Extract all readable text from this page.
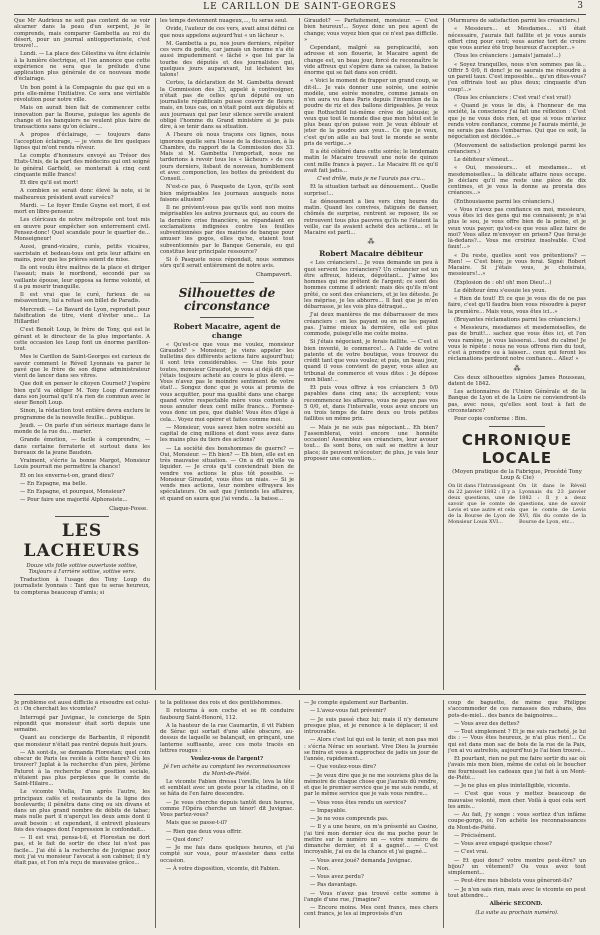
LE CARILLON DE SAINT-GEORGES	3

Que Mr Audrieux ne soit pas content de se voir alcarner dans la peau d'un serpent, je le comprends, mais comparer Gambetta au roi du désert, pour un journal antiopportuniste, c'est trouvé!...

Lundi. — La place des Célestins va être éclairée à la lumière électrique, et l'on annonce que cette expérience ne sera que le prélude d'une application plus générale de ce nouveau mode d'éclairage.

Un bon point à la Compagnie du gaz qui en a pris elle-même l'initiative. Ce sera une véritable révolution pour notre ville.

Mais on aurait bien fait de commencer cette innovation par la Bourse, puisque les agents de change et les banquiers ne veulent plus faire de transactions sans qu'on éclaire...

A propos d'éclairage, — toujours dans l'acception éclairage, — je viens de lire quelques lignes qui m'ont rendu rêveur.

Le compte d'honneurs envoyé au Trésor des Etats-Unis, de la part des médecins qui ont soigné le général Garfield, se monterait à cinq cent cinquante mille francs!

Et dire qu'il est mort!

A combien se serait donc élevé la note, si le malheureux président avait survécu?

Mardi. — Le foyer Emile Guyne est mort, il est mort en libre-penseur.

Les cléricaux de notre métropole ont tout mis en œuvre pour empêcher son enterrement civil. Pensez-donc! Quel scandale pour le quartier de... Monseigneur!

Aussi, grand-vicaire, curés, petits vicaires, sacristain et bedeau-tous ont pris leur affaire en mains, pour que les prières soient de mise.

Ils ont voulu être maîtres de la place et diriger l'assaut; mais le moribond, secondé par sa vaillante épouse, leur opposa sa ferme volonté, et il a pu mourir tranquille.

Il est vrai que le curé, furieux de sa mésaventure, lui a refusé son billet de Paradis.

Mercredi. — Le Bavard de Lyon, reproduit pour falsification de titre, vient d'éviter une... La Hillardie!

C'est Benoît Loup, le frère de Tony, qui est le gérant et le directeur de la plus importante. A cette occasion les Loup font un énorme pavillon-tout.

Mes le Carillon de Saint-Georges est curieux de savoir comment le Réveil Lyonnais va parer le pavé que le frère de son digne administrateur vient de lancer dans ses vitres.

Que doit en penser le citoyen Cournet? J'espère bien qu'il va obliger M. Tony Loup d'ammener dans son journal qu'il n'a rien de commun avec le sieur Benoît Loup.

Sinon, la rédaction tout entière devra exclure le programme de la nouvelle feuille... publique.

Jeudi. — On parle d'un sérieux mariage dans le monde de la rue du... marier.

Grande émotion, — facile à comprendre, — dans certaine ferraterie et surtout dans les bureaux de la jeune Baudoin.

Vraiment, s'écrie la bonne Margot, Monsieur Louis pourrait me permettre la chance!

Et on les enverra-t-on, grand dieu?

— En Espagne, ma belle.

— En Espagne, et pourquoi, Monsieur?

— Pour faire une majorité Alphonsiste...

Claque-Fosse.
LES LACHEURS

Douze vils folle sottise ouvertasie sottise, Toujours à l'arrière sottise, sottise vers.

Traduction à l'usage des Tony Loup du journaliste lyonnais : Tant que tu seras heureux, tu compteras beaucoup d'amis; si

les temps deviennent nuageux,..., tu seras seul.

Ovide, l'auteur de ces vers, avait ainsi défini ce que nous appelons aujourd'hui « un lâcheur ».

M. Gambetta a pu, nos jours derniers, répéter ces vers du poëte, car jamais un homme n'a été aussi impudemment « lâché » que lui par la tourbe des députés et des journalistes qui, quelques jours auparavant, lui léchaient les talons!

Certes, la déclaration de M. Gambetta devant la Commission des 33, appelé à contresigner, n'était pas de celles qu'un député ou un journaliste républicain puisse couvrir de fleurs; mais, en tous cas, on n'était point aux députés et aux journaux qui par leur silence servile avaient obligé l'homme du Grand ministère si je puis dire, à se tenir dans sa situation.

A l'heure où nous traçons ces lignes, nous ignorons quelle sera l'issue de la discussion, à la Chambre, du rapport de la Commission des 33. Mais si M. Gambetta l'emportait, nous ne tarderions à revoir tous les « lâcheurs » de ces jours derniers, lisbaut de nouveau, humblement et avec componction, les bottes du président du Conseil...

N'est-ce pas, ô Pasquete de Lyon, qu'ils sont bien méprisables les journaux auxquels nous faisons allusion?

Il ne prévient-vous pas qu'ils sont non moins méprisables les autres journaux qui, au cours de la dernière crise financière, se répandaient en exclamations indignées contre les feuilles subventionnées par des mairies de banque pour amuser les gogos, elles qu'ne, etaient tout subventionnés par le Banque Generale, eu qui constitue leur principale ressource?

Si ô Pasquete nous répondait, nous sommes sûrs qu'il serait entièrement de notre avis.

Champavert.
Silhouettes de circonstance
Robert Macaire, agent de change

« Qu'est-ce que vous me voulez, monsieur Giraudot? » Monsieur, je viens appeler les bulletins des différents actions faire aujourd'hui; il sont très considérables. — Une fois pour toutes, monsieur Giraudot, je vous ai déjà dit que j'étais toujours acheté au cours le plus élevé. — Vous n'avez pas le moindre sentiment de votre état!... Songez donc que je vous ai promis de vous acquitter, pour ma qualité dans une charge quand votre respectable mère vous contente à nous annuler deux cent mille francs... Formez-vous donc un peu, que diable! Vous êtes d'âge à cela... Voyez moi opérer et faites comme moi.

— Monsieur, vous savez bien notre société au capital de cinq millions et dont vous avez dans les mains plus du tiers des actions?

— La société des bonshommes de guerre? — Oui, Monsieur. — Eh bien? — Eh bien, elle est en très mauvaise situation. — On a dit qu'elle va liquider. — Je crois qu'il conviendrait bien de vendre vos actions le plus tôt possible. — Monsieur Giraudot, vous êtes un niais. — Si je vends mes actions, leur nombre effrayera les spéculateurs. On sait que j'entends les affaires, et quand on saura que j'ai vendu... la baisse...

Giraudot? — Parfaitement, monsieur. — C'est bien heureux!... Soyez donc un peu agent de change; vous voyez bien que ce n'est pas difficile. »

Cependant, malgré sa perspicacité, son adresse et son flouerie, le Macaire agent de change est, un beau jour, forcé de reconnaître le vide affreux qui s'opère dans sa caisse, la baisse énorme qui se fait dans son crédit.

« Voici le moment de frapper un grand coup, se dit-il... Je vais donner une soirée, une soirée modèle, une soirée monstre, comme jamais on n'en aura vu dans Paris depuis l'invention de la poudre de riz et des ballons dirigeables. Je veux que Rothschild lui-même crève de jalousie; je veux que tout le monde dise que mon hôtel est le plus beau qu'on puisse voir. Je veux éblouir et jeter de la poudre aux yeux... Ce que je veux, c'est qu'on aille au bal tout le monde se sente pris de vertige...»

Il a été célébré dans cette soirée; le lendemain matin le Macaire trouvait une note de quinze cent mille francs à payer... Le Macaire fit ce qu'il avait fait jadis...

C'est drôle, mais je ne l'aurais pas cru...

Et la situation tarbait au dénouement... Quelle surprise!...

Le dénouement a lieu vers cinq heures du matin. Quand les convives, fatigués de danser, chômés de surprise, rentrent se reposer, ils se retrouvent tous plus pauvres qu'ils ne l'étaient la veille, car ils avaient acheté des actions... et le Macaire est parti...

⁂
Robert Macaire débiteur

« Les créanciers!... Je vous demande un peu à quoi servent les créanciers? Un créancier est un être affreux, hideux, dégoûtant... J'aime les hommes qui me prêtent de l'argent; ce sont des hommes comme il advient: mais dès qu'ils m'ont prêté, ce sont des créanciers, et je les déteste. Je les méprise, je les abhorre... Il faut que je m'en débarrasse, je les vois plus détraqué...

J'ai deux manières de me débarrasser de mes créanciers : en les payant ou en ne les payant pas. J'aime mieux la dernière, elle est plus commode, puisqu'elle me coûte moins.

Si j'étais négociant, je ferais faillite. — C'est si bien inventé, le commerce!... A l'aide de votre patente et de votre boutique, vous trouvez du crédit tant que vous voulez; et puis, un beau jour, quand il vous convient de payer, vous allez au tribunal de commerce et vous dites : Je dépose mon bilan!...

Et puis vous offrez à vos créanciers 5 0/0 payables dans cinq ans; ils acceptent; vous recommencez les affaires, vous ne payez pas vos 5 0/0, et, dans l'intervalle, vous avez encore un ou trois temps de faire deux ou trois petites faillites un même prix.

— Mais je ne suis pas négociant... Eh bien? J'assemblerai, voici encore une honnête occasion! Assemblez ses créanciers, leur avouer tout... ils sont bons, on sait se mettre à leur place; ils peuvent m'écouter; de plus, je vais leur proposer une convention...

(Murmures de satisfaction parmi les créanciers.)

« Messieurs... et Mesdames... s'il était nécessaire, j'aurais fait faillite et je vous aurais offert cinq pour cent; vous auriez tort de croire que vous auriez été trop heureux d'accepter...»

(Tous les créanciers : jamais! jamais!...)

« Soyez tranquilles, nous n'en sommes pas là... Offrir 5 0/0, fi donc! je ne saurais me résoudre à un pareil taux. C'est impossible... qu'en dites-vous? j'en offrirais tout au plus deux; cinquante d'un coup!...»

(Tous les créanciers : C'est vrai! c'est vrai!)

« Quand je vous le dis, à l'honneur de ma société, la conscience j'ai fait une réflexion : C'est que je ne vous dois rien, et que si vous m'aviez rendu votre confiance, comme je l'aurais mérité, je ne serais pas dans l'embarras. Qui que ce soit, la négociation est décidée...»

(Mouvement de satisfaction prolongé parmi les créanciers.)

Le débiteur s'émeut...

« Oui, messieurs... et mesdames... et mesdemoiselles... la délicate affaire nous occupe. Je déclare qu'il me reste une pièce de dix centimes, et je vous la donne au prorata des créances...»

(Enthousiasme parmi les créanciers.)

« Vous n'avez pas confiance en moi, messieurs, vous êtes ici des gens qui me connaissent; je n'ai plus le sou, je vous offre bien de la peine, et je veux vous payer; qu'est-ce que vous allez faire de moi? Vous allez m'envoyer en prison? Que ferai-je là-dedans?... Vous me croiriez insolvable. C'est faux!...»

« Du reste, quelles sont vos prétentions? — Rien! — C'est bien; je vous ferai. Signé: Robert Macaire. Si j'étais vous, je choisirais, messieurs!...»

(Explosion de : oh! oh! mon Dieu!...)

Le débiteur ému s'essuie les yeux.

« Rien de tout! Et ce que je vous dis de ne pas faire, c'est qu'il faudra bien vous résoudre à payer la première... Mais vous, vous êtes ici...»

(Bruyantes réclamations parmi les créanciers.)

« Messieurs, mesdames et mesdemoiselles, de pas de bruit!... sachez que vous êtes ici, et l'on vous ramène, je vous laisserai... tout du calme! Je vous le répète : nous ne vous offrons rien du tout, c'est à prendre ou à laisser... ceux qui feront les réclamations perdront notre confiance... Allez! »

⁂

Ces deux silhouettes signées James Rousseau, datent de 1842.

Les actionnaires de l'Union Générale et de la Banque de Lyon et de la Loire ne conviendront-ils pas, avec nous, qu'elles sont tout à fait de circonstance?

Pour copie conforme : Bim.

CHRONIQUE LOCALE
(Moyen pratique de la Fabrique, Procédé Tony Loup & Cie)

On lit dans l'Intransigeant du 22 janvier 1882 : Il y a deux questions, une de savoir que le comte de Levis et une autre et cela de la Bourse de Lyon de Monsieur Louis XVI...

On lit dans le Réveil Lyonnais du 23 janvier 1882 : Il y a deux questions, une de savoir que le comte de Levis XVI, fils du comte de la Bourse de Lyon, etc...

Je problème est aussi difficile à résoudre est celui-ci : On cherchait les vicomtes?

Interrogé par Juvignac, le concierge de Spin répondit que monsieur était sorti depuis une semaine.

Quant au concierge de Barbantin, il répondit que monsieur n'était pas rentré depuis huit jours.

— Ah sont-ils, se demanda Florestan; quel coin obscur de Paris les recèle à cette heure? Où les trouver? Juplat à la recherche d'un père, Jérôme Paturot à la recherche d'une position sociale, n'étaient pas plus perplexes que le comte de Saint-Hilaire...

Le vicomte Viella, l'un après l'autre, les principaux cafés et restaurants de la ligne des boulevards; il pénétra dans cinq ou six divans et dans un plus grand nombre de débits de tabac; mais nulle part il n'aperçut les deux amis dont il avait besoin : et cependant, il entrevit plusieurs fois des visages dont l'expression le confondait...

— Il est vrai, pensa-t-il, et Florestan ne dort pas, et le fait de sortir de chez lui n'est pas facile... J'ai été à la recherche de Juvignac pour moi; j'ai vu monsieur l'avocat à son cabinet; il n'y était pas, et l'on m'a reçu de mauvaise grâce...

te la politesse des rois et des gentilshommes.

Il retourna à son coche et se fit conduire faubourg Saint-Honoré, 112.

A la hauteur de la rue Caumartin, il vit Fabien de Sérac qui sortait d'une allée obscure, au-dessus de laquelle se balançait, en grinçant, une lanterne suffisante, avec ces mots tracés en lettres rouges :

Voulez-vous de l'argent?

Jé l'en achète au comptant les reconnaissances du Mont-de-Piété.

Le vicomte Fabien dressa l'oreille, leva la tête et semblait avec un geste pour la citadine, on il se hâta de l'en faire descendre.

— Je vous cherche depuis tantôt deux heures, comme l'Opéra cherche un ténor! dit Juvignac. Vous partez-vous?

Mais que se passe-t-il?

— Rien que deux vous offrir.

— Quoi donc?

— Je me fais dans quelques heures, et j'ai compté sur vous, pour m'assister dans cette occasion.

— À votre disposition, vicomte, dit Fabien.

— Je compte également sur Barbantin.

— L'avez-vous fait prévenir?

— Je suis passé chez lui; mais il n'y demeure presque plus, et je renonce à le déplacer; il est introuvable.

— Alors c'est lui qui est le tenir, et non pas moi : s'écria Nérac en souriant. Vive Dieu la journée se finira et vous à rapprochez de jadis un jour de l'année, rapidement...

— Que voulez-vous dire?

— Je veux dire que je ne me souviens plus de la mémoire de chaque chose que j'aurais dû rendre, et que le premier service que je me suis rendu, et par le même service que je vais vous rendre...

— Vous vous êtes rendu un service?

— Impayable.

— Je ne vous comprends pas.

— Il y a une heure, on m'a présenté au Casino, j'ai tiré mon dernier écu de ma poche pour le mettre sur le numéro un — votre numéro de dimanche dernier, et il a gagné!... — C'est incroyable, j'ai eu de la chance et j'ai gagné...

— Vous avez joué? demanda Juvignac.

— Non.

— Vous avez perdu?

— Pas davantage.

— Vous n'avez pas trouvé cette somme à l'angle d'une rue, j'imagine?

— Encore moins. Mes cent francs, mes chers cent francs, je les ai improvisés d'un

coup de baguette, de même que Philippe s'accommoder de ces ramasses des rubans, des pots-de-miel... des bancs de baignoires...

— Vous avez des dettes?

— Tout simplement ? Et je me suis racheté, je lui dis : — Vous êtes heureux, je n'ai plus rien!... Ce qui est dans mon sac de bois de la rue de la Paix, j'en ai vu autrefois, aujourd'hui je l'ai bien trouvé...

Et pourtant, rien ne put me faire sortir du sac où j'avais mis mon bien, même de celui où le boucher me fournissait les cadeaux que j'ai fait à un Mont-de-Piété...

— Je ne plus en plus inintelligible, vicomte.

— C'est que vous y mettez beaucoup de mauvaise volonté, mon cher. Voilà à quoi cela sert les amis...

— Au fait, j'y songe : vous sortiez d'un infâme coupe-gorge, où l'on achète les reconnaissances du Mont-de-Piété.

— Précisément.

— Vous avez engagé quelque chose?

— C'est vrai.

— Et quoi donc? votre montre peut-être? un bijou? un vêtement? Ou vous avez tout simplement...

— Peut-être mes bibelots vous gêneront-ils?

— Je n'en sais rien, mais avec le vicomte on peut tout attendre...

Albéric SECOND.

(La suite au prochain numéro).
